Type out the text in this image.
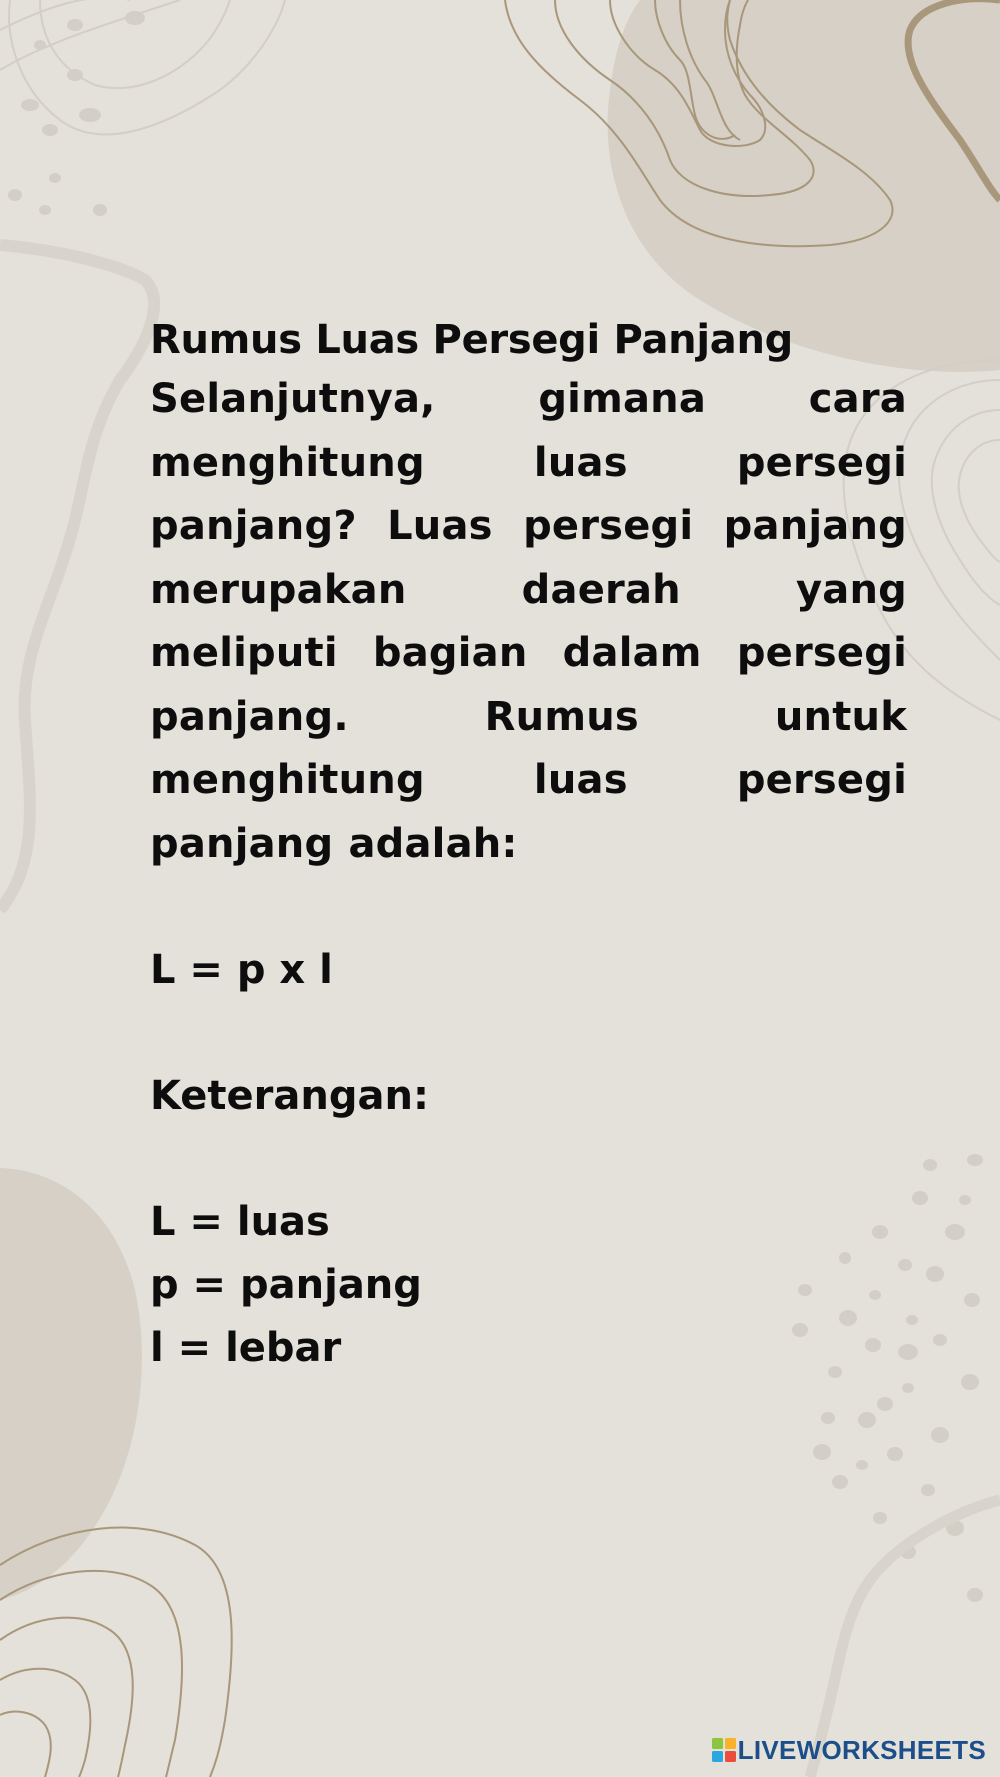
Rumus Luas Persegi Panjang

Selanjutnya, gimana cara menghitung luas persegi panjang? Luas persegi panjang merupakan daerah yang meliputi bagian dalam persegi panjang. Rumus untuk menghitung luas persegi panjang adalah:

L = p x l

Keterangan:

L = luas

p = panjang

l = lebar

LIVEWORKSHEETS
